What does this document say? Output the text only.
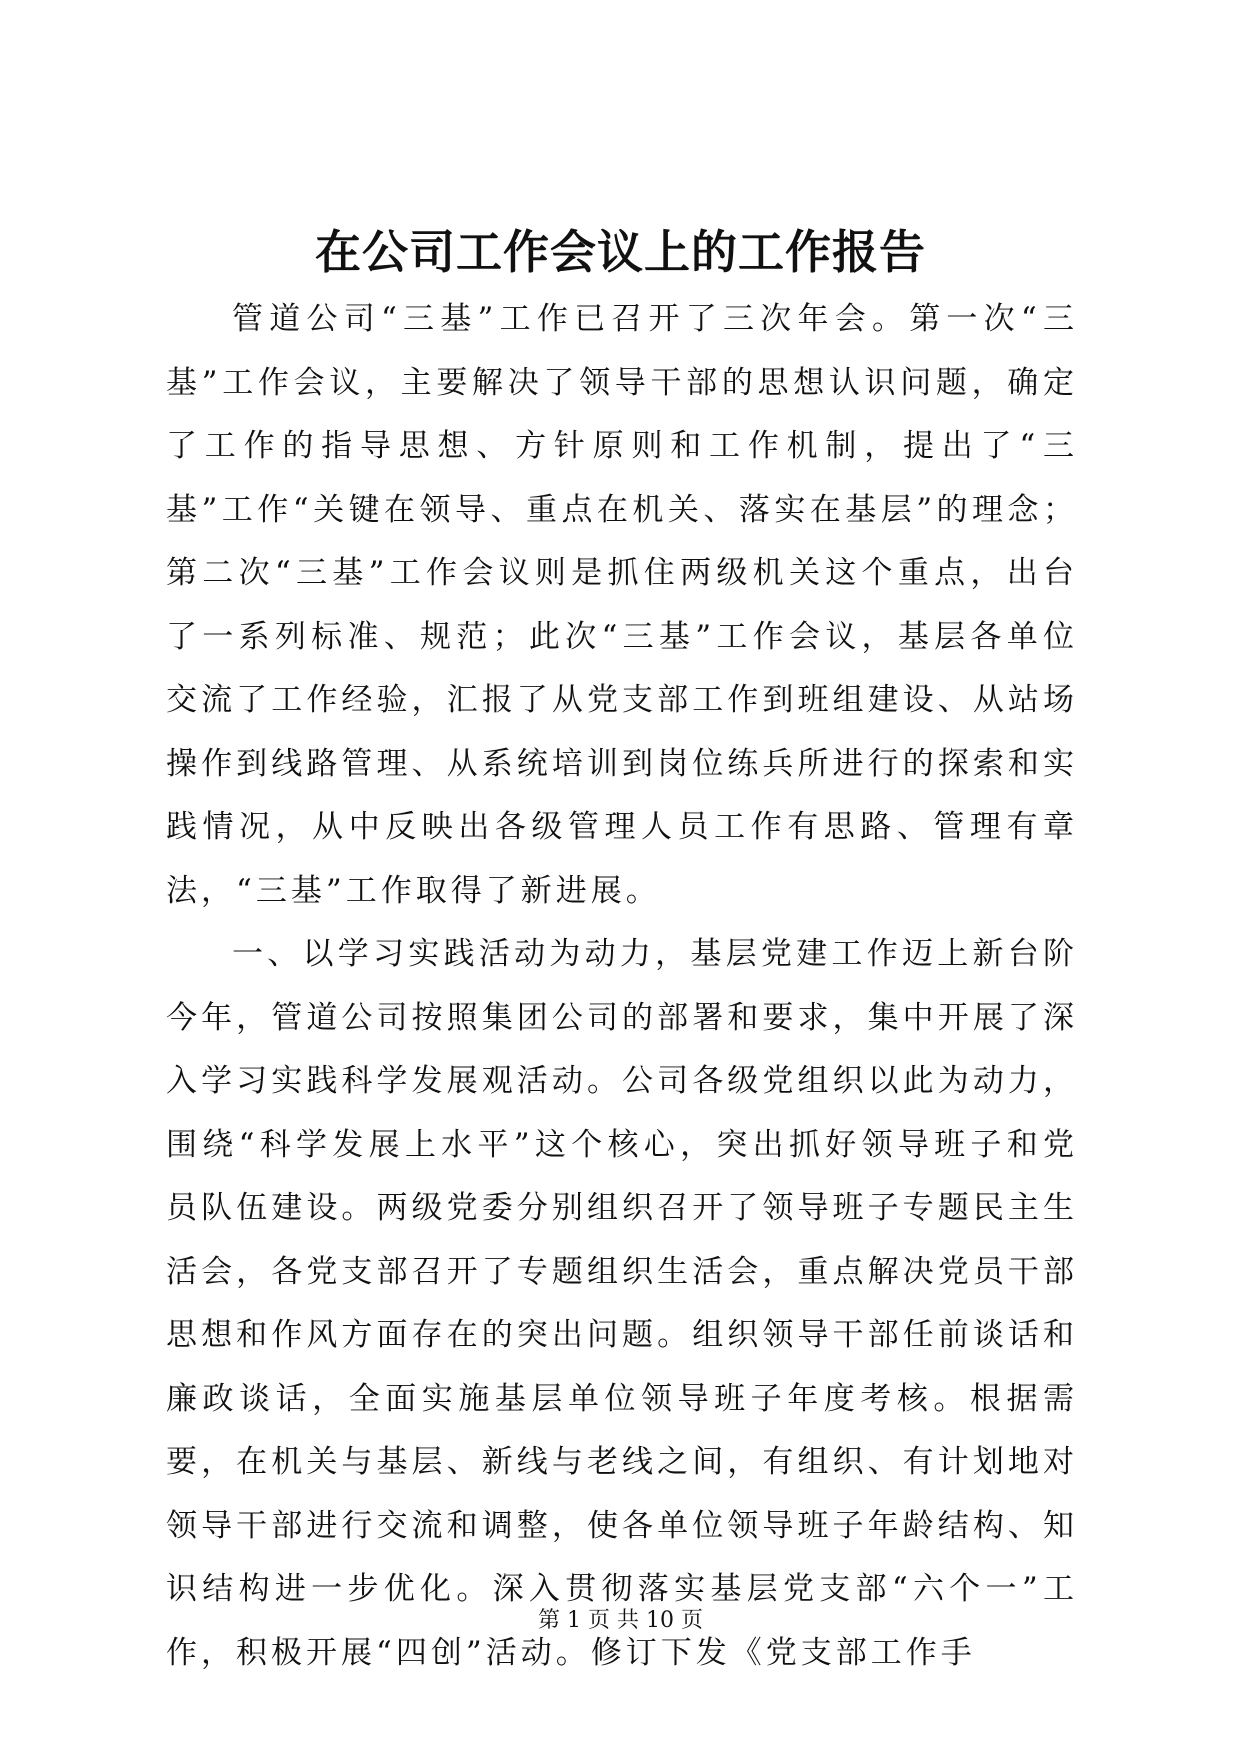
在公司工作会议上的工作报告

管道公司“三基”工作已召开了三次年会。第一次“三基”工作会议，主要解决了领导干部的思想认识问题，确定了工作的指导思想、方针原则和工作机制，提出了“三基”工作“关键在领导、重点在机关、落实在基层”的理念；第二次“三基”工作会议则是抓住两级机关这个重点，出台了一系列标准、规范；此次“三基”工作会议，基层各单位交流了工作经验，汇报了从党支部工作到班组建设、从站场操作到线路管理、从系统培训到岗位练兵所进行的探索和实践情况，从中反映出各级管理人员工作有思路、管理有章法，“三基”工作取得了新进展。

一、以学习实践活动为动力，基层党建工作迈上新台阶今年，管道公司按照集团公司的部署和要求，集中开展了深入学习实践科学发展观活动。公司各级党组织以此为动力，围绕“科学发展上水平”这个核心，突出抓好领导班子和党员队伍建设。两级党委分别组织召开了领导班子专题民主生活会，各党支部召开了专题组织生活会，重点解决党员干部思想和作风方面存在的突出问题。组织领导干部任前谈话和廉政谈话，全面实施基层单位领导班子年度考核。根据需要，在机关与基层、新线与老线之间，有组织、有计划地对领导干部进行交流和调整，使各单位领导班子年龄结构、知识结构进一步优化。深入贯彻落实基层党支部“六个一”工作，积极开展“四创”活动。修订下发《党支部工作手

第 1 页 共 10 页
